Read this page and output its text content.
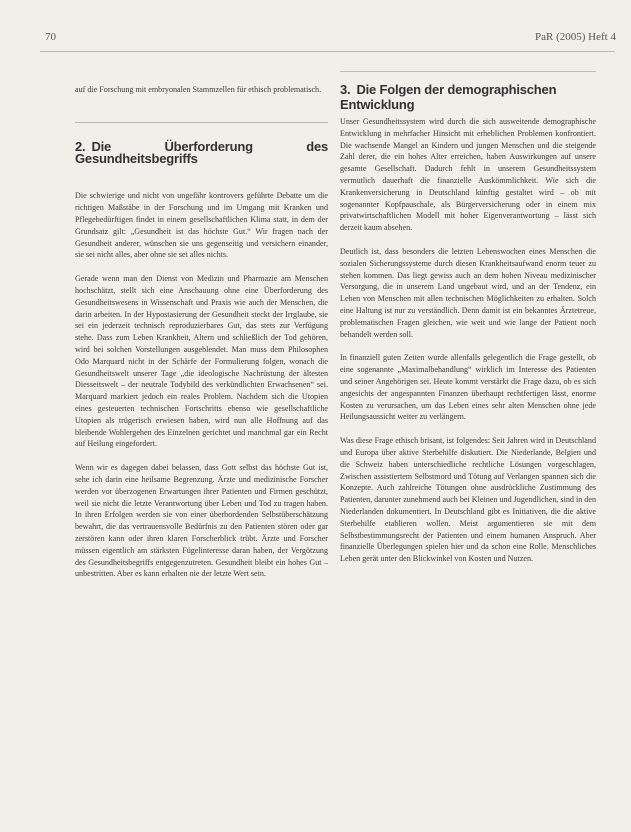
70	PaR (2005) Heft 4

auf die Forschung mit embryonalen Stammzellen für ethisch problematisch.

2. Die Überforderung des Gesundheitsbegriffs

Die schwierige und nicht von ungefähr kontrovers geführte Debatte um die richtigen Maßstäbe in der Forschung und im Umgang mit Kranken und Pflegebedürftigen findet in einem gesellschaftlichen Klima statt, in dem der Grundsatz gilt: „Gesundheit ist das höchste Gut.“ Wir fragen nach der Gesundheit anderer, wünschen sie uns gegenseitig und versichern einander, sie sei nicht alles, aber ohne sie sei alles nichts.

Gerade wenn man den Dienst von Medizin und Pharmazie am Menschen hochschätzt, stellt sich eine Anschauung ohne eine Überforderung des Gesundheitswesens in Wissenschaft und Praxis wie auch der Menschen, die darin arbeiten. In der Hypostasierung der Gesundheit steckt der Irrglaube, sie sei ein jederzeit technisch reproduzierbares Gut, das stets zur Verfügung stehe. Dass zum Leben Krankheit, Altern und schließlich der Tod gehören, wird bei solchen Vorstellungen ausgeblendet. Man muss dem Philosophen Odo Marquard nicht in der Schärfe der Formulierung folgen, wonach die Gesundheitswelt unserer Tage „die ideologische Nachrüstung der ältesten Diesseitswelt – der neutrale Todybild des verkündlichten Erwachsenen“ sei. Marquard markiert jedoch ein reales Problem. Nachdem sich die Utopien eines gesteuerten technischen Fortschritts ebenso wie gesellschaftliche Utopien als trügerisch erwiesen haben, wird nun alle Hoffnung auf das bleibende Wohlergehen des Einzelnen gerichtet und manchmal gar ein Recht auf Heilung eingefordert.

Wenn wir es dagegen dabei belassen, dass Gott selbst das höchste Gut ist, sehe ich darin eine heilsame Begrenzung. Ärzte und medizinische Forscher werden vor überzogenen Erwartungen ihrer Patienten und Firmen geschützt, weil sie nicht die letzte Verantwortung über Leben und Tod zu tragen haben. In ihren Erfolgen werden sie von einer überbordenden Selbstüberschätzung bewahrt, die das vertrauensvolle Bedürfnis zu den Patienten stören oder gar zerstören kann oder ihren klaren Forscherblick trübt. Ärzte und Forscher müssen eigentlich am stärksten Fügelinteresse daran haben, der Vergötzung des Gesundheitsbegriffs entgegenzutreten. Gesundheit bleibt ein hohes Gut – unbestritten. Aber es kann erhalten nie der letzte Wert sein.

3. Die Folgen der demographischen Entwicklung

Unser Gesundheitssystem wird durch die sich ausweitende demographische Entwicklung in mehrfacher Hinsicht mit erheblichen Problemen konfrontiert. Die wachsende Mangel an Kindern und jungen Menschen und die steigende Zahl derer, die ein hohes Alter erreichen, haben Auswirkungen auf unsere gesamte Gesellschaft. Dadurch fehlt in unserem Gesundheitssystem vermutlich dauerhaft die finanzielle Auskömmlichkeit. Wie sich die Krankenversicherung in Deutschland künftig gestaltet wird – ob mit sogenannter Kopfpauschale, als Bürgerversicherung oder in einem mix privatwirtschaftlichen Modell mit hoher Eigenverantwortung – lässt sich derzeit kaum absehen.

Deutlich ist, dass besonders die letzten Lebenswochen eines Menschen die sozialen Sicherungssysteme durch diesen Krankheitsaufwand enorm teuer zu stehen kommen. Das liegt gewiss auch an dem hohen Niveau medizinischer Versorgung, die in unserem Land ungebaut wird, und an der Tendenz, ein Leben von Menschen mit allen technischen Möglichkeiten zu erhalten. Solch eine Haltung ist nur zu verständlich. Denn damit ist ein bekanntes Ärztetreue, problematischen Fragen gleichen, wie weit und wie lange der Patient noch behandelt werden soll.

In finanziell guten Zeiten wurde allenfalls gelegentlich die Frage gestellt, ob eine sogenannte „Maximalbehandlung“ wirklich im Interesse des Patienten und seiner Angehörigen sei. Heute kommt verstärkt die Frage dazu, ob es sich angesichts der angespannten Finanzen überhaupt rechtfertigen lässt, enorme Kosten zu verursachen, um das Leben eines sehr alten Menschen ohne jede Heilungsaussicht weiter zu verlängern.

Was diese Frage ethisch brisant, ist folgendes: Seit Jahren wird in Deutschland und Europa über aktive Sterbehilfe diskutiert. Die Niederlande, Belgien und die Schweiz haben unterschiedliche rechtliche Lösungen vorgeschlagen, Zwischen assistiertem Selbstmord und Tötung auf Verlangen spannen sich die Konzepte. Auch zahlreiche Tötungen ohne ausdrückliche Zustimmung des Patienten, darunter zunehmend auch bei Kleinen und Jugendlichen, sind in den Niederlanden dokumentiert. In Deutschland gibt es Initiativen, die die aktive Sterbehilfe etablieren wollen. Meist argumentieren sie mit dem Selbstbestimmungsrecht der Patienten und einem humanen Anspruch. Aber finanzielle Überlegungen spielen hier und da schon eine Rolle. Menschliches Leben gerät unter den Blickwinkel von Kosten und Nutzen.
